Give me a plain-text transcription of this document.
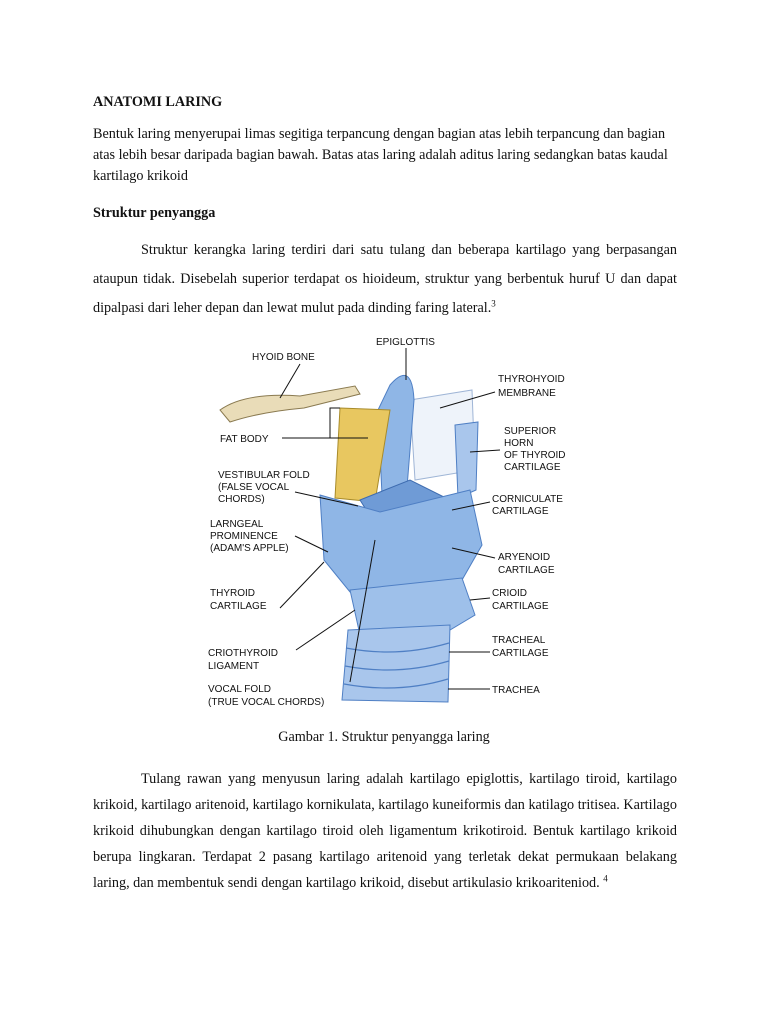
ANATOMI LARING

Bentuk laring menyerupai limas segitiga terpancung dengan bagian atas lebih terpancung dan bagian atas lebih besar daripada bagian bawah. Batas atas laring adalah aditus laring sedangkan batas kaudal kartilago krikoid

Struktur penyangga

Struktur kerangka laring terdiri dari satu tulang dan beberapa kartilago yang berpasangan ataupun tidak. Disebelah superior terdapat os hioideum, struktur yang berbentuk huruf U dan dapat dipalpasi dari leher depan dan lewat mulut pada dinding faring lateral.$^3$

HYOID BONE
EPIGLOTTIS
THYROHYOID
MEMBRANE
FAT BODY
SUPERIOR
HORN
OF THYROID
CARTILAGE
VESTIBULAR FOLD
(FALSE VOCAL
CHORDS)	CORNICULATE
CARTILAGE
LARNGEAL
PROMINENCE
(ADAM'S APPLE)
ARYENOID
CARTILAGE
THYROID
CARTILAGE
CRIOID
CARTILAGE
TRACHEAL
CARTILAGE
CRIOTHYROID
LIGAMENT
TRACHEA
VOCAL FOLD
(TRUE VOCAL CHORDS)
Gambar 1. Struktur penyangga laring

Tulang rawan yang menyusun laring adalah kartilago epiglottis, kartilago tiroid, kartilago krikoid, kartilago aritenoid, kartilago kornikulata, kartilago kuneiformis dan katilago tritisea. Kartilago krikoid dihubungkan dengan kartilago tiroid oleh ligamentum krikotiroid. Bentuk kartilago krikoid berupa lingkaran. Terdapat 2 pasang kartilago aritenoid yang terletak dekat permukaan belakang laring, dan membentuk sendi dengan kartilago krikoid, disebut artikulasio krikoariteniod. $^4$
